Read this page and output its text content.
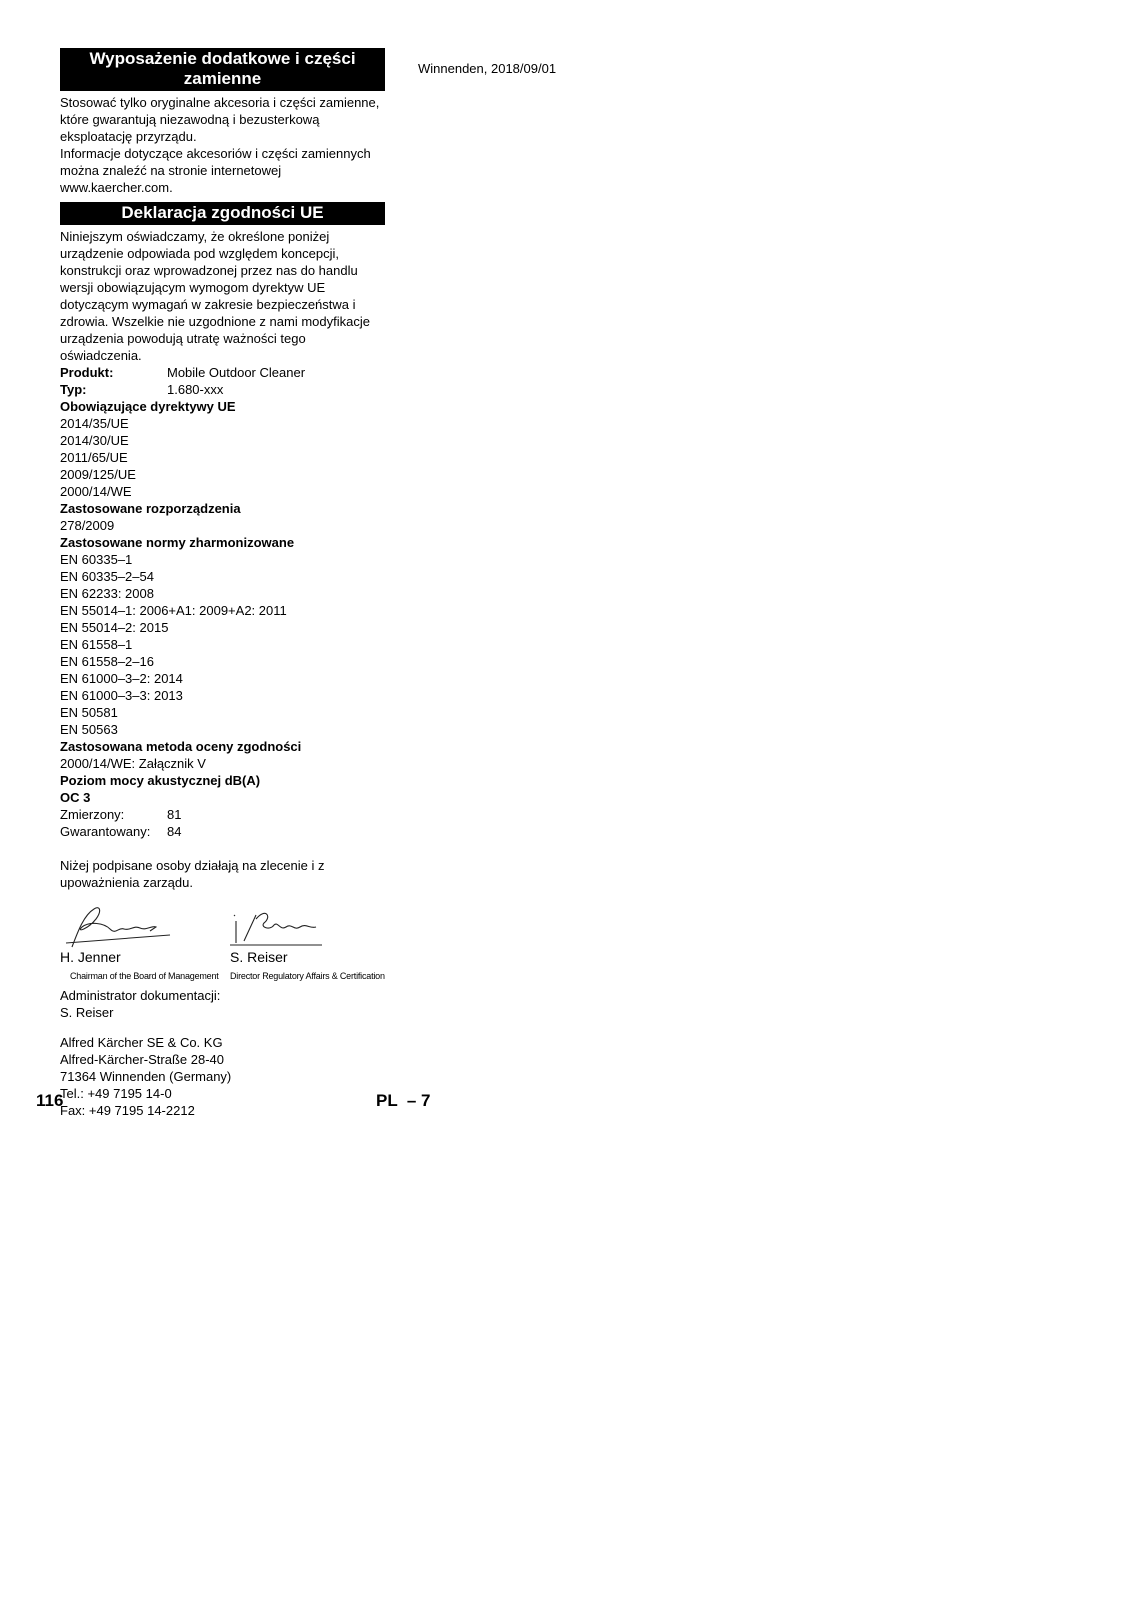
Wyposażenie dodatkowe i części zamienne

Stosować tylko oryginalne akcesoria i części zamienne, które gwarantują niezawodną i bezusterkową eksploatację przyrządu.

Informacje dotyczące akcesoriów i części zamiennych można znaleźć na stronie internetowej www.kaercher.com.

Deklaracja zgodności UE

Niniejszym oświadczamy, że określone poniżej urządzenie odpowiada pod względem koncepcji, konstrukcji oraz wprowadzonej przez nas do handlu wersji obowiązującym wymogom dyrektyw UE dotyczącym wymagań w zakresie bezpieczeństwa i zdrowia. Wszelkie nie uzgodnione z nami modyfikacje urządzenia powodują utratę ważności tego oświadczenia.

Produkt:	Mobile Outdoor Cleaner
Typ:	1.680-xxx
Obowiązujące dyrektywy UE
2014/35/UE
2014/30/UE
2011/65/UE
2009/125/UE
2000/14/WE
Zastosowane rozporządzenia
278/2009
Zastosowane normy zharmonizowane
EN 60335–1
EN 60335–2–54
EN 62233: 2008
EN 55014–1: 2006+A1: 2009+A2: 2011
EN 55014–2: 2015
EN 61558–1
EN 61558–2–16
EN 61000–3–2: 2014
EN 61000–3–3: 2013
EN 50581
EN 50563
Zastosowana metoda oceny zgodności
2000/14/WE: Załącznik V
Poziom mocy akustycznej dB(A)
OC 3
Zmierzony:	81
Gwarantowany:	84

Niżej podpisane osoby działają na zlecenie i z upoważnienia zarządu.

H. Jenner
Chairman of the Board of Management
S. Reiser
Director Regulatory Affairs & Certification
Administrator dokumentacji:
S. Reiser
Alfred Kärcher SE & Co. KG
Alfred-Kärcher-Straße 28-40
71364 Winnenden (Germany)
Tel.: +49 7195 14-0
Fax: +49 7195 14-2212
Winnenden, 2018/09/01
116	PL  – 7
